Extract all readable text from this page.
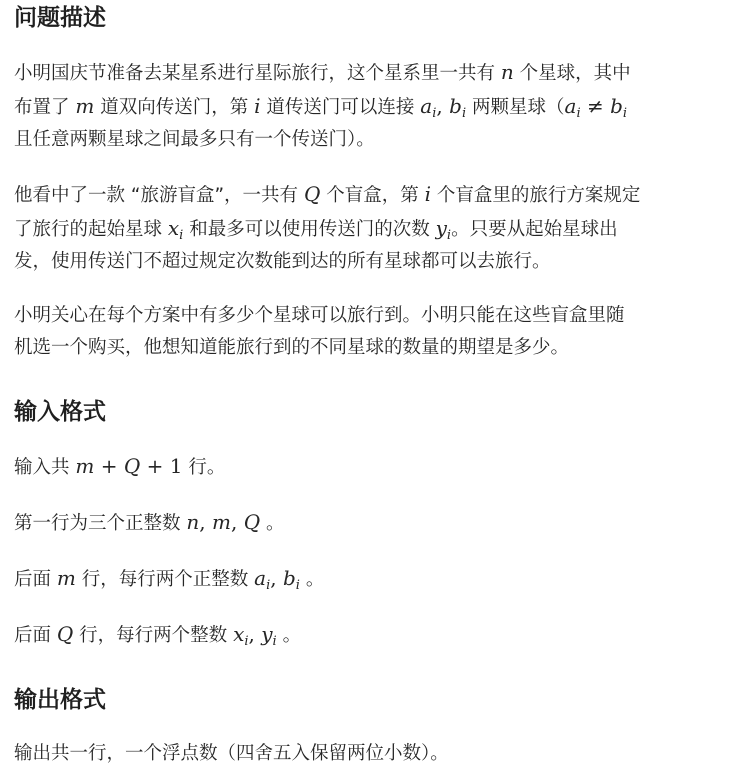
问题描述

小明国庆节准备去某星系进行星际旅行，这个星系里一共有 n 个星球，其中
布置了 m 道双向传送门，第 i 道传送门可以连接 $a_i$, $b_i$ 两颗星球（$a_i \ne b_i$
且任意两颗星球之间最多只有一个传送门）。

他看中了一款 “旅游盲盒”，一共有 Q 个盲盒，第 i 个盲盒里的旅行方案规定
了旅行的起始星球 $x_i$ 和最多可以使用传送门的次数 $y_i$。只要从起始星球出
发，使用传送门不超过规定次数能到达的所有星球都可以去旅行。

小明关心在每个方案中有多少个星球可以旅行到。小明只能在这些盲盒里随
机选一个购买，他想知道能旅行到的不同星球的数量的期望是多少。

输入格式

输入共 m + Q + 1 行。

第一行为三个正整数 n, m, Q 。

后面 m 行，每行两个正整数 $a_i$, $b_i$ 。

后面 Q 行，每行两个整数 $x_i$, $y_i$ 。

输出格式

输出共一行，一个浮点数（四舍五入保留两位小数）。
